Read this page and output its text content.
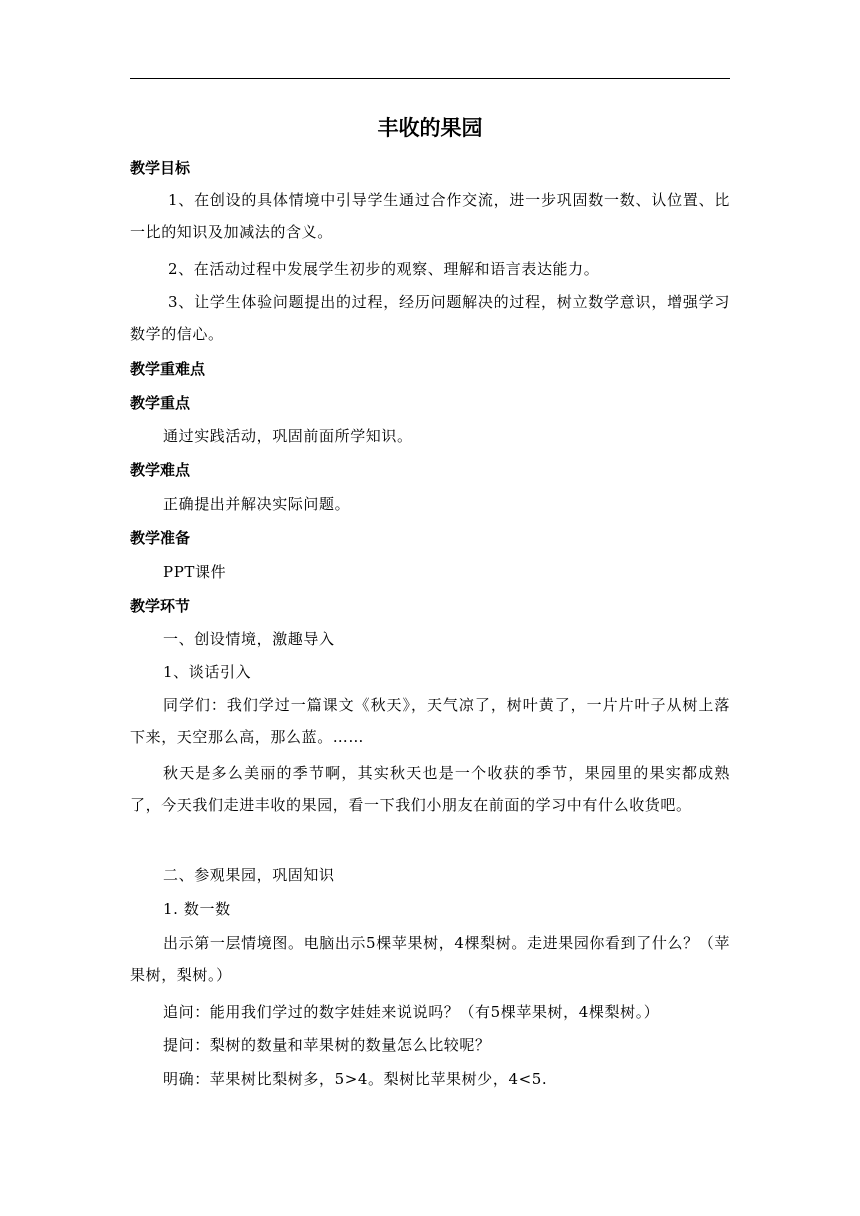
丰收的果园
教学目标

1、在创设的具体情境中引导学生通过合作交流，进一步巩固数一数、认位置、比一比的知识及加减法的含义。

2、在活动过程中发展学生初步的观察、理解和语言表达能力。

3、让学生体验问题提出的过程，经历问题解决的过程，树立数学意识，增强学习数学的信心。

教学重难点
教学重点

通过实践活动，巩固前面所学知识。

教学难点

正确提出并解决实际问题。

教学准备

PPT课件

教学环节

一、创设情境，激趣导入

1、谈话引入

同学们：我们学过一篇课文《秋天》，天气凉了，树叶黄了，一片片叶子从树上落下来，天空那么高，那么蓝。……

秋天是多么美丽的季节啊，其实秋天也是一个收获的季节，果园里的果实都成熟了，今天我们走进丰收的果园，看一下我们小朋友在前面的学习中有什么收货吧。

二、参观果园，巩固知识

1. 数一数

出示第一层情境图。电脑出示5棵苹果树，4棵梨树。走进果园你看到了什么？（苹果树，梨树。）

追问：能用我们学过的数字娃娃来说说吗？（有5棵苹果树，4棵梨树。）

提问：梨树的数量和苹果树的数量怎么比较呢？

明确：苹果树比梨树多，5>4。梨树比苹果树少，4<5.
